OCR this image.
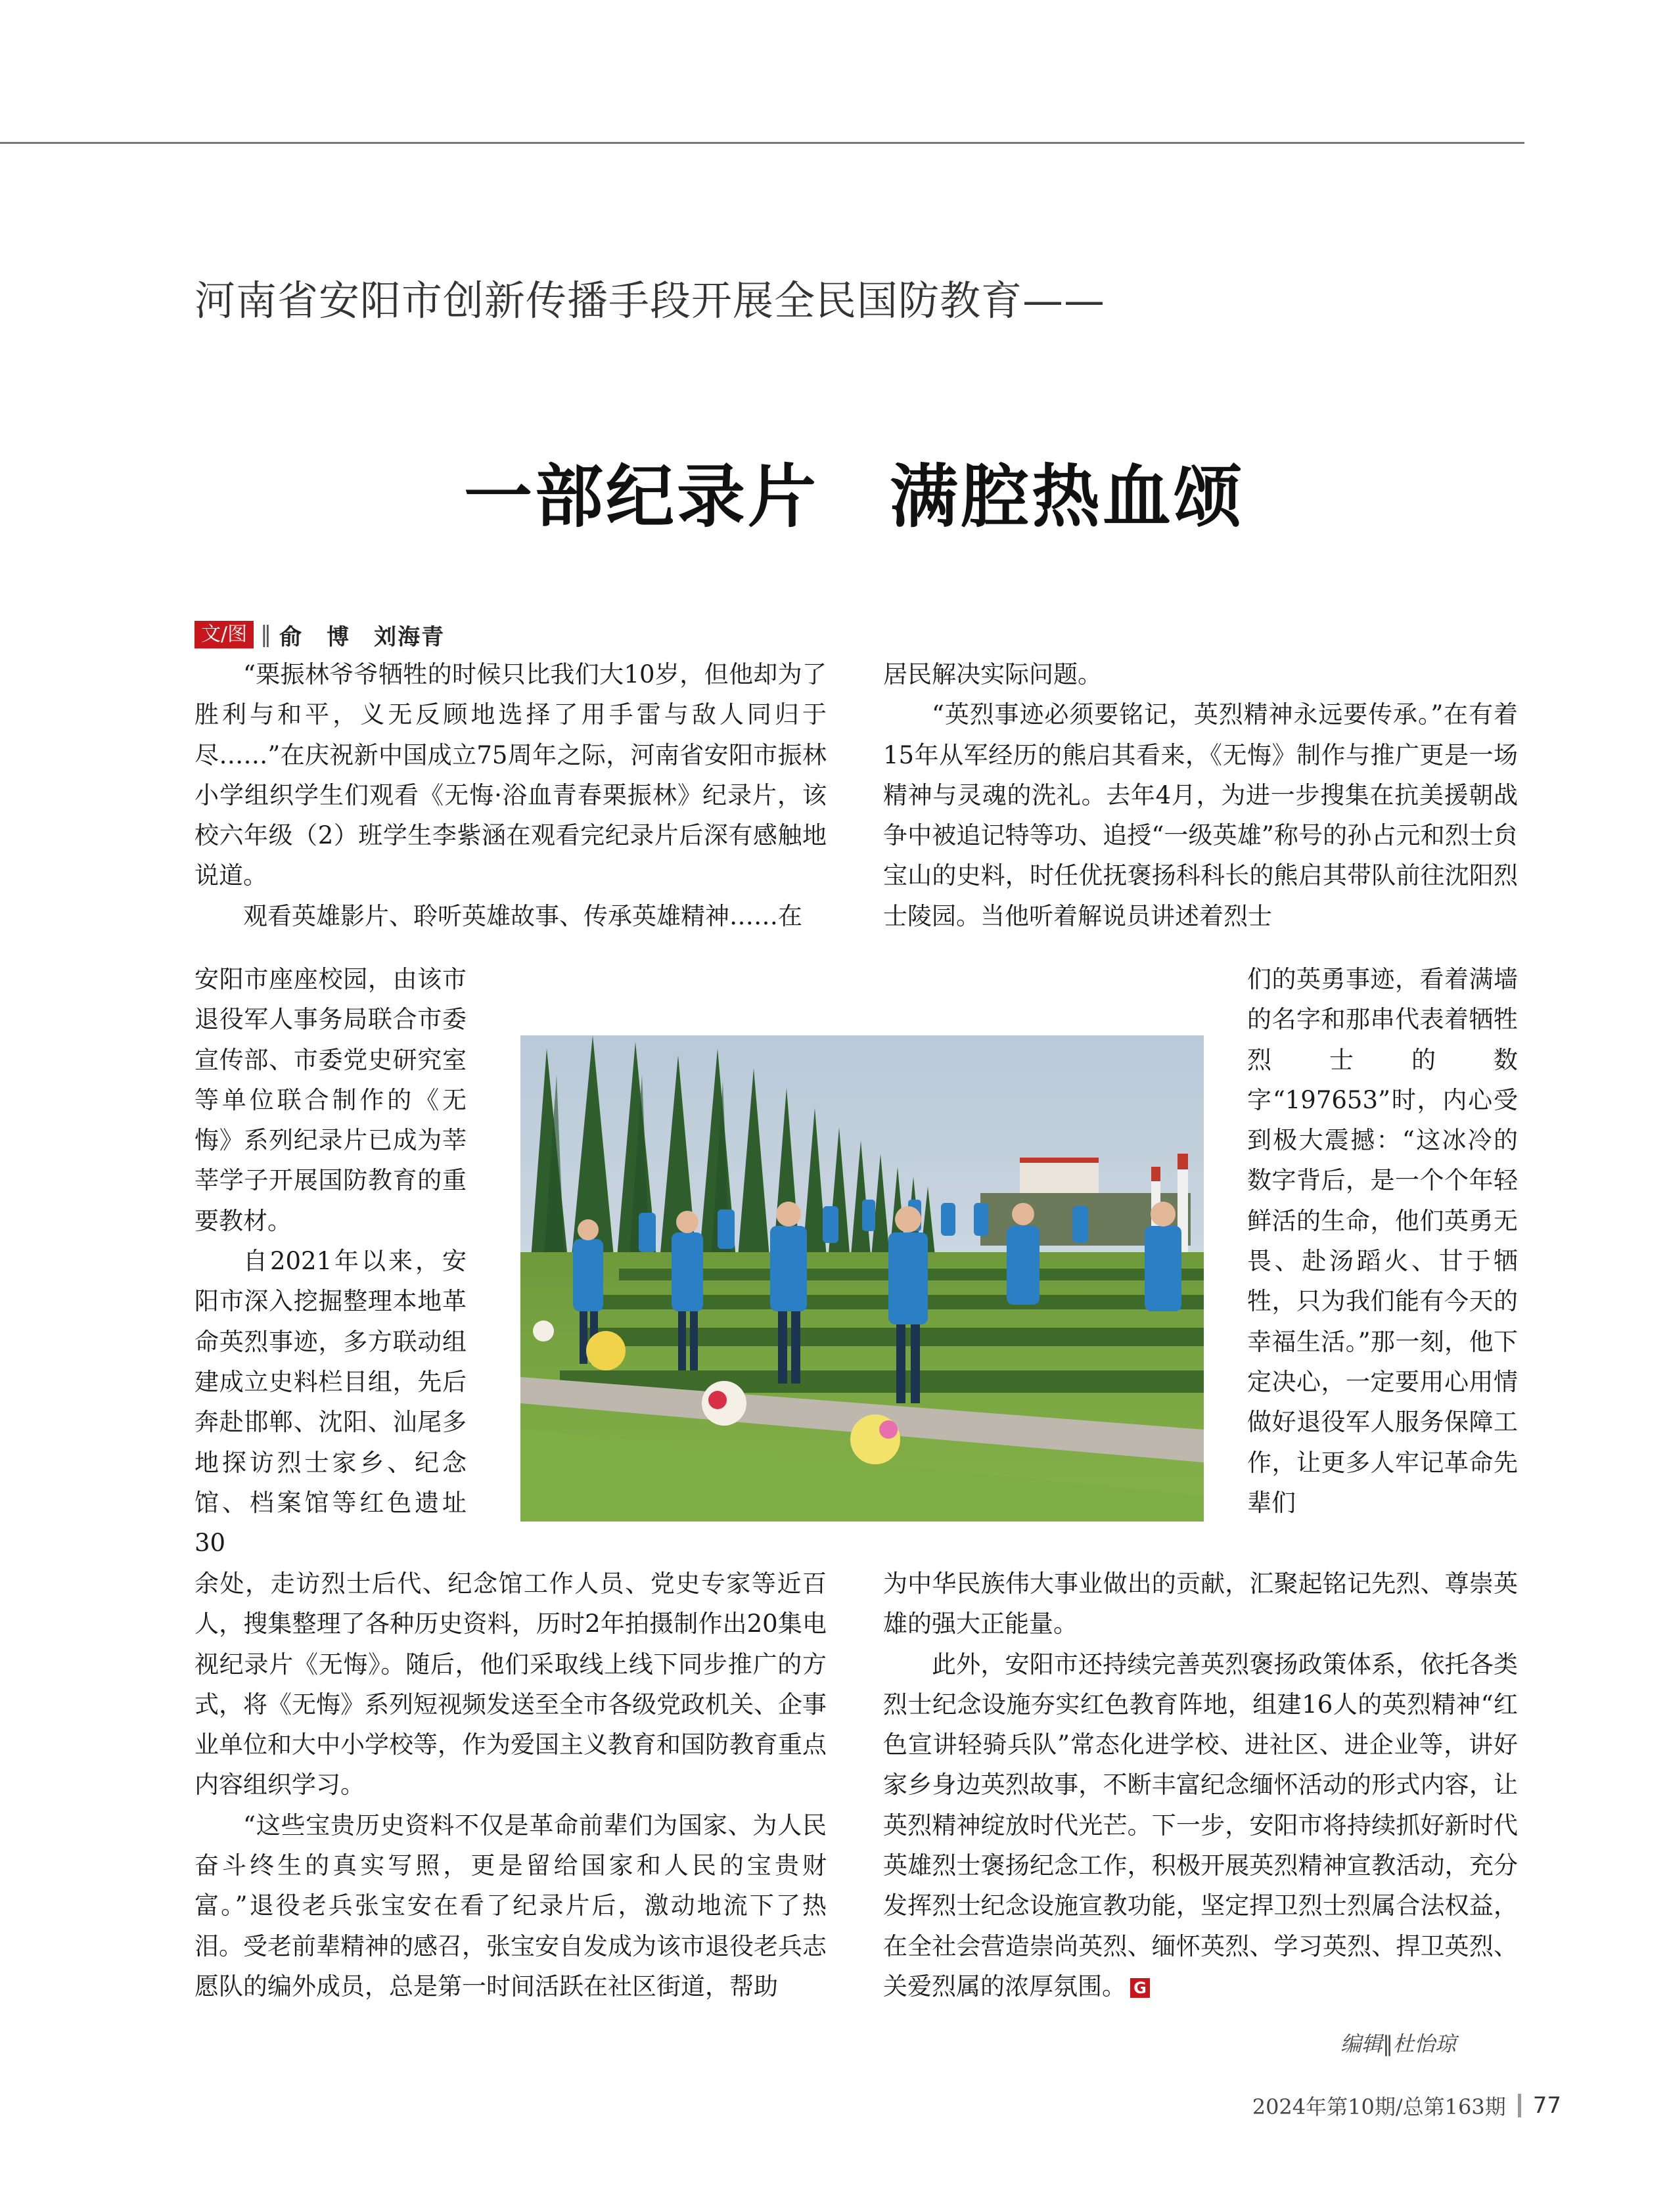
河南省安阳市创新传播手段开展全民国防教育——
一部纪录片　满腔热血颂
文/图 ‖ 俞　博　刘海青

“栗振林爷爷牺牲的时候只比我们大10岁，但他却为了胜利与和平，义无反顾地选择了用手雷与敌人同归于尽……”在庆祝新中国成立75周年之际，河南省安阳市振林小学组织学生们观看《无悔·浴血青春栗振林》纪录片，该校六年级（2）班学生李紫涵在观看完纪录片后深有感触地说道。

观看英雄影片、聆听英雄故事、传承英雄精神……在

安阳市座座校园，由该市退役军人事务局联合市委宣传部、市委党史研究室等单位联合制作的《无悔》系列纪录片已成为莘莘学子开展国防教育的重要教材。

自2021年以来，安阳市深入挖掘整理本地革命英烈事迹，多方联动组建成立史料栏目组，先后奔赴邯郸、沈阳、汕尾多地探访烈士家乡、纪念馆、档案馆等红色遗址30

余处，走访烈士后代、纪念馆工作人员、党史专家等近百人，搜集整理了各种历史资料，历时2年拍摄制作出20集电视纪录片《无悔》。随后，他们采取线上线下同步推广的方式，将《无悔》系列短视频发送至全市各级党政机关、企事业单位和大中小学校等，作为爱国主义教育和国防教育重点内容组织学习。

“这些宝贵历史资料不仅是革命前辈们为国家、为人民奋斗终生的真实写照，更是留给国家和人民的宝贵财富。”退役老兵张宝安在看了纪录片后，激动地流下了热泪。受老前辈精神的感召，张宝安自发成为该市退役老兵志愿队的编外成员，总是第一时间活跃在社区街道，帮助

居民解决实际问题。

“英烈事迹必须要铭记，英烈精神永远要传承。”在有着15年从军经历的熊启其看来，《无悔》制作与推广更是一场精神与灵魂的洗礼。去年4月，为进一步搜集在抗美援朝战争中被追记特等功、追授“一级英雄”称号的孙占元和烈士贠宝山的史料，时任优抚褒扬科科长的熊启其带队前往沈阳烈士陵园。当他听着解说员讲述着烈士

们的英勇事迹，看着满墙的名字和那串代表着牺牲烈士的数字“197653”时，内心受到极大震撼：“这冰冷的数字背后，是一个个年轻鲜活的生命，他们英勇无畏、赴汤蹈火、甘于牺牲，只为我们能有今天的幸福生活。”那一刻，他下定决心，一定要用心用情做好退役军人服务保障工作，让更多人牢记革命先辈们

为中华民族伟大事业做出的贡献，汇聚起铭记先烈、尊崇英雄的强大正能量。

此外，安阳市还持续完善英烈褒扬政策体系，依托各类烈士纪念设施夯实红色教育阵地，组建16人的英烈精神“红色宣讲轻骑兵队”常态化进学校、进社区、进企业等，讲好家乡身边英烈故事，不断丰富纪念缅怀活动的形式内容，让英烈精神绽放时代光芒。下一步，安阳市将持续抓好新时代英雄烈士褒扬纪念工作，积极开展英烈精神宣教活动，充分发挥烈士纪念设施宣教功能，坚定捍卫烈士烈属合法权益，在全社会营造崇尚英烈、缅怀英烈、学习英烈、捍卫英烈、关爱烈属的浓厚氛围。 G

编辑‖杜怡琼
2024年第10期/总第163期 77
